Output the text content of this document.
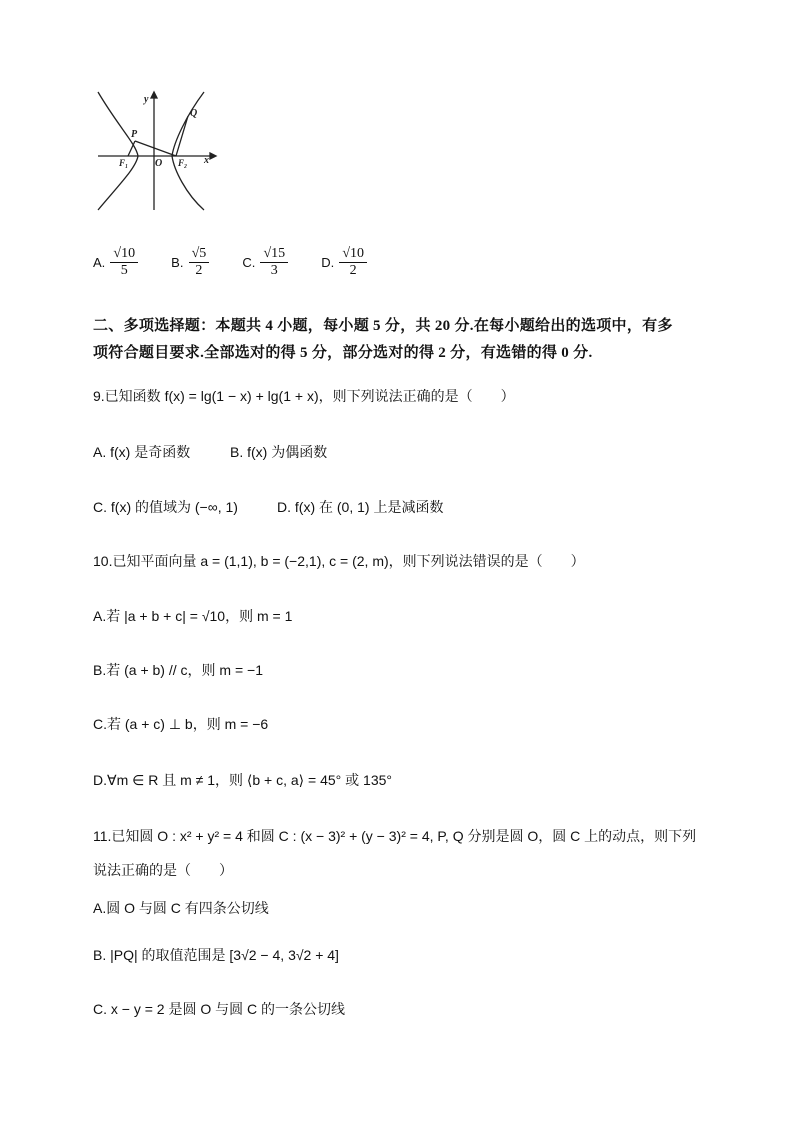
y
x
O
P
Q
F₁	F₂
A. $\frac{√10}{5}$	B. $\frac{√5}{2}$	C. $\frac{√15}{3}$	D. $\frac{√10}{2}$
二、多项选择题：本题共 4 小题，每小题 5 分，共 20 分.在每小题给出的选项中，有多
项符合题目要求.全部选对的得 5 分，部分选对的得 2 分，有选错的得 0 分.
9.已知函数 f(x) = lg(1 − x) + lg(1 + x)，则下列说法正确的是（　　）
A. f(x) 是奇函数	B. f(x) 为偶函数
C. f(x) 的值域为 (−∞, 1)	D. f(x) 在 (0, 1) 上是减函数
10.已知平面向量 a = (1,1), b = (−2,1), c = (2, m)，则下列说法错误的是（　　）
A.若 |a + b + c| = √10，则 m = 1
B.若 (a + b) // c，则 m = −1
C.若 (a + c) ⊥ b，则 m = −6
D.∀m ∈ R 且 m ≠ 1，则 ⟨b + c, a⟩ = 45° 或 135°
11.已知圆 O : x² + y² = 4 和圆 C : (x − 3)² + (y − 3)² = 4, P, Q 分别是圆 O，圆 C 上的动点，则下列
说法正确的是（　　）
A.圆 O 与圆 C 有四条公切线
B. |PQ| 的取值范围是 [3√2 − 4, 3√2 + 4]
C. x − y = 2 是圆 O 与圆 C 的一条公切线
